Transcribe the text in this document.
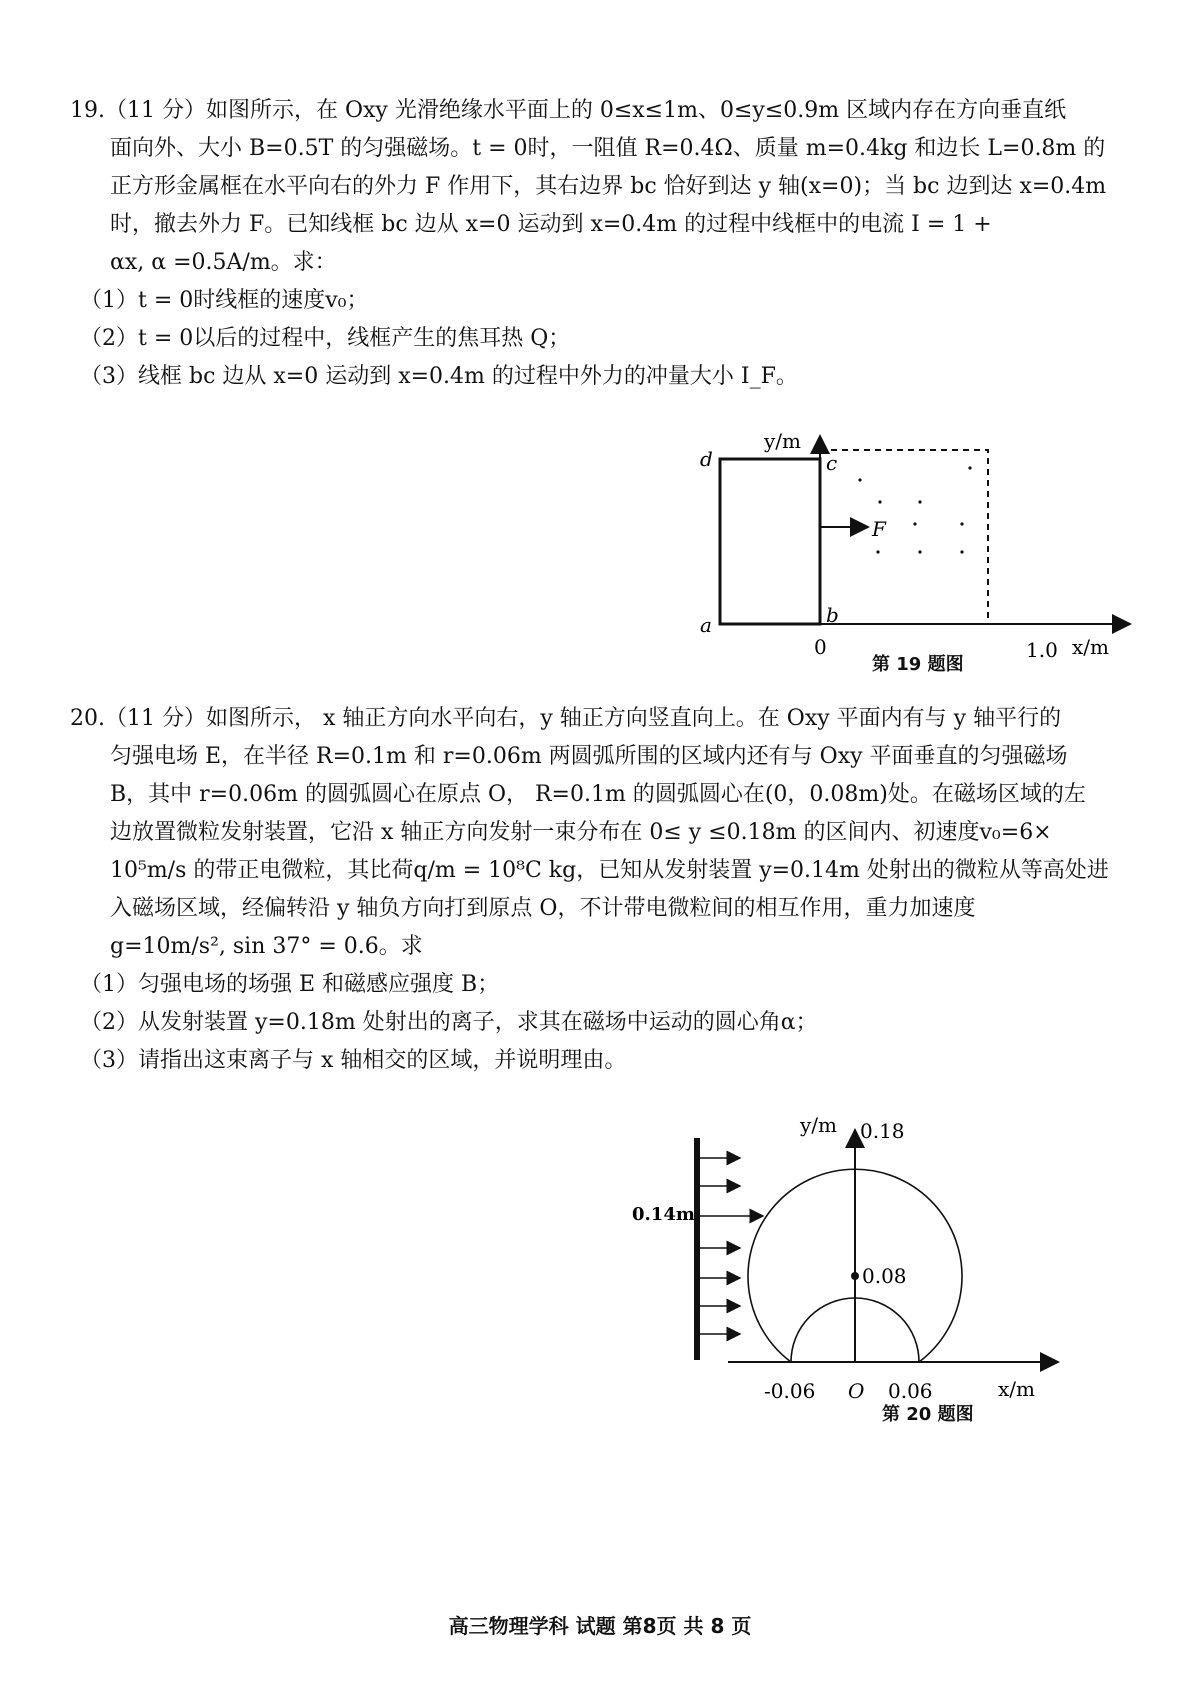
19.（11 分）如图所示，在 Oxy 光滑绝缘水平面上的 0≤x≤1m、0≤y≤0.9m 区域内存在方向垂直纸
面向外、大小 B=0.5T 的匀强磁场。t = 0时，一阻值 R=0.4Ω、质量 m=0.4kg 和边长 L=0.8m 的
正方形金属框在水平向右的外力 F 作用下，其右边界 bc 恰好到达 y 轴(x=0)；当 bc 边到达 x=0.4m
时，撤去外力 F。已知线框 bc 边从 x=0 运动到 x=0.4m 的过程中线框中的电流 I = 1 +
αx, α =0.5A/m。求：
（1）t = 0时线框的速度v₀；
（2）t = 0以后的过程中，线框产生的焦耳热 Q；
（3）线框 bc 边从 x=0 运动到 x=0.4m 的过程中外力的冲量大小 I_F。
F
y/m
x/m
0	1.0
a	b
c
d
第 19 题图
20.（11 分）如图所示， x 轴正方向水平向右，y 轴正方向竖直向上。在 Oxy 平面内有与 y 轴平行的
匀强电场 E，在半径 R=0.1m 和 r=0.06m 两圆弧所围的区域内还有与 Oxy 平面垂直的匀强磁场
B，其中 r=0.06m 的圆弧圆心在原点 O， R=0.1m 的圆弧圆心在(0，0.08m)处。在磁场区域的左
边放置微粒发射装置，它沿 x 轴正方向发射一束分布在 0≤ y ≤0.18m 的区间内、初速度v₀=6×
10⁵m/s 的带正电微粒，其比荷q/m = 10⁸C kg，已知从发射装置 y=0.14m 处射出的微粒从等高处进
入磁场区域，经偏转沿 y 轴负方向打到原点 O，不计带电微粒间的相互作用，重力加速度
g=10m/s², sin 37° = 0.6。求
（1）匀强电场的场强 E 和磁感应强度 B；
（2）从发射装置 y=0.18m 处射出的离子，求其在磁场中运动的圆心角α；
（3）请指出这束离子与 x 轴相交的区域，并说明理由。
y/m 0.18
0.08
0.14m
x/m
-0.06 O 0.06
第 20 题图
高三物理学科 试题 第8页 共 8 页
